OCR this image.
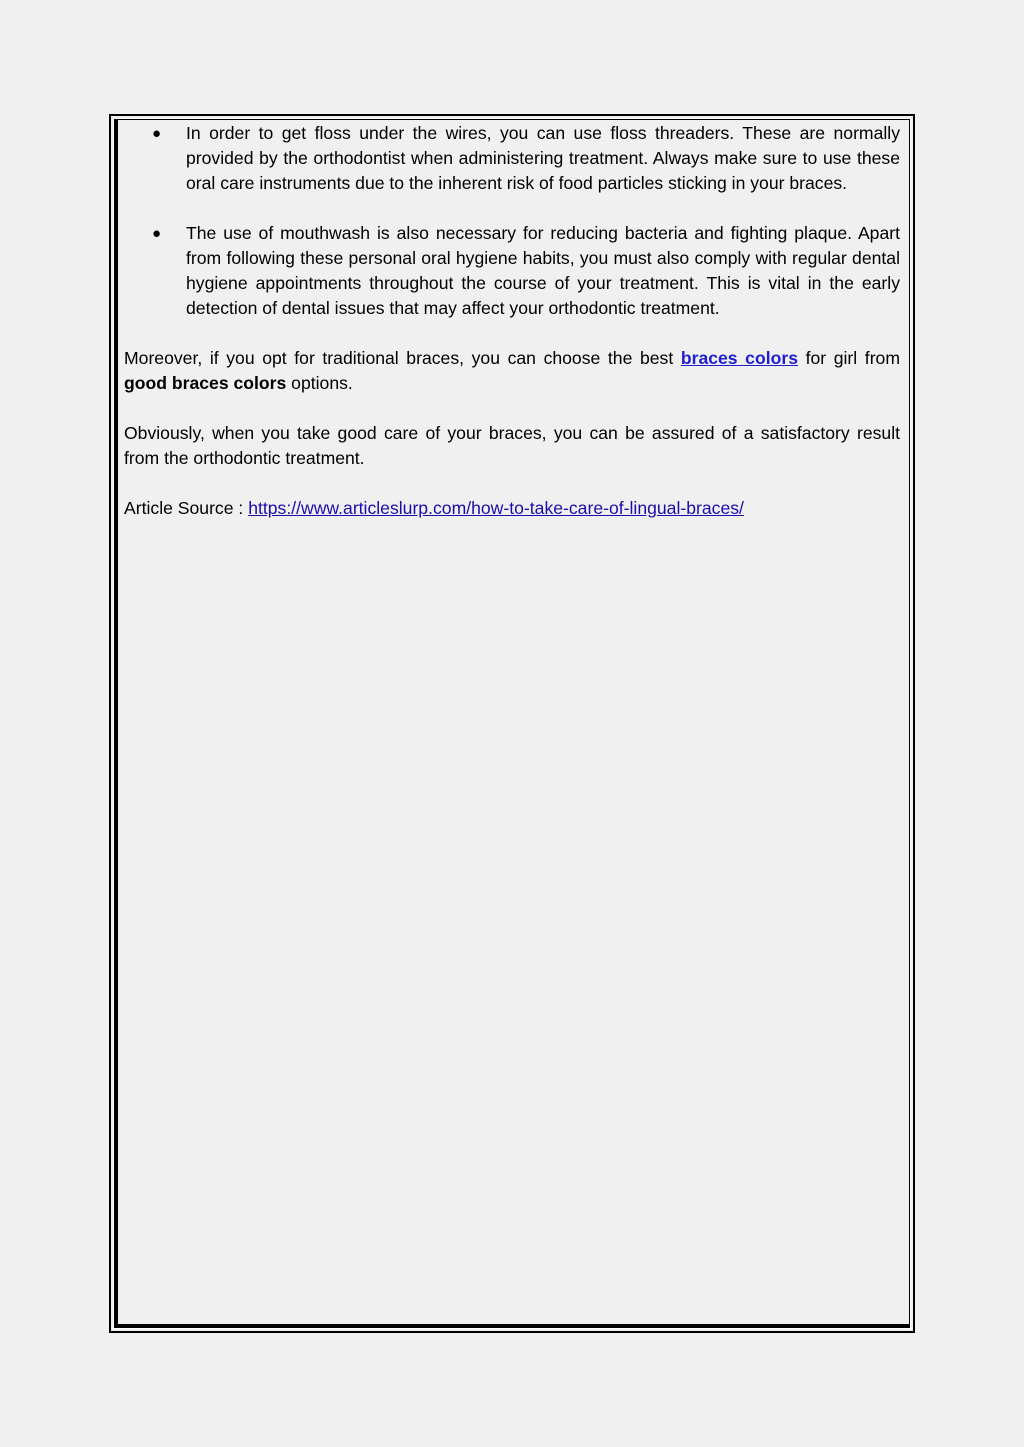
● In order to get floss under the wires, you can use floss threaders. These are normally provided by the orthodontist when administering treatment. Always make sure to use these oral care instruments due to the inherent risk of food particles sticking in your braces.
● The use of mouthwash is also necessary for reducing bacteria and fighting plaque. Apart from following these personal oral hygiene habits, you must also comply with regular dental hygiene appointments throughout the course of your treatment. This is vital in the early detection of dental issues that may affect your orthodontic treatment.

Moreover, if you opt for traditional braces, you can choose the best braces colors for girl from good braces colors options.

Obviously, when you take good care of your braces, you can be assured of a satisfactory result from the orthodontic treatment.

Article Source : https://www.articleslurp.com/how-to-take-care-of-lingual-braces/
